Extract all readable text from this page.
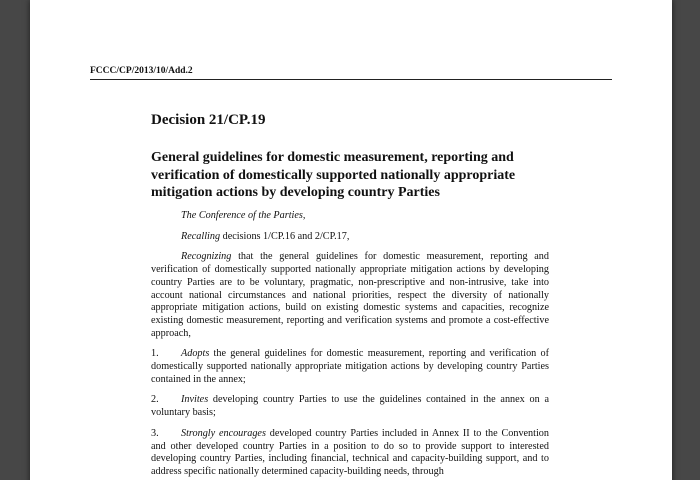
FCCC/CP/2013/10/Add.2
Decision 21/CP.19
General guidelines for domestic measurement, reporting and verification of domestically supported nationally appropriate mitigation actions by developing country Parties

The Conference of the Parties,

Recalling decisions 1/CP.16 and 2/CP.17,

Recognizing that the general guidelines for domestic measurement, reporting and verification of domestically supported nationally appropriate mitigation actions by developing country Parties are to be voluntary, pragmatic, non-prescriptive and non-intrusive, take into account national circumstances and national priorities, respect the diversity of nationally appropriate mitigation actions, build on existing domestic systems and capacities, recognize existing domestic measurement, reporting and verification systems and promote a cost-effective approach,

1. Adopts the general guidelines for domestic measurement, reporting and verification of domestically supported nationally appropriate mitigation actions by developing country Parties contained in the annex;

2. Invites developing country Parties to use the guidelines contained in the annex on a voluntary basis;

3. Strongly encourages developed country Parties included in Annex II to the Convention and other developed country Parties in a position to do so to provide support to interested developing country Parties, including financial, technical and capacity-building support, and to address specific nationally determined capacity-building needs, through
